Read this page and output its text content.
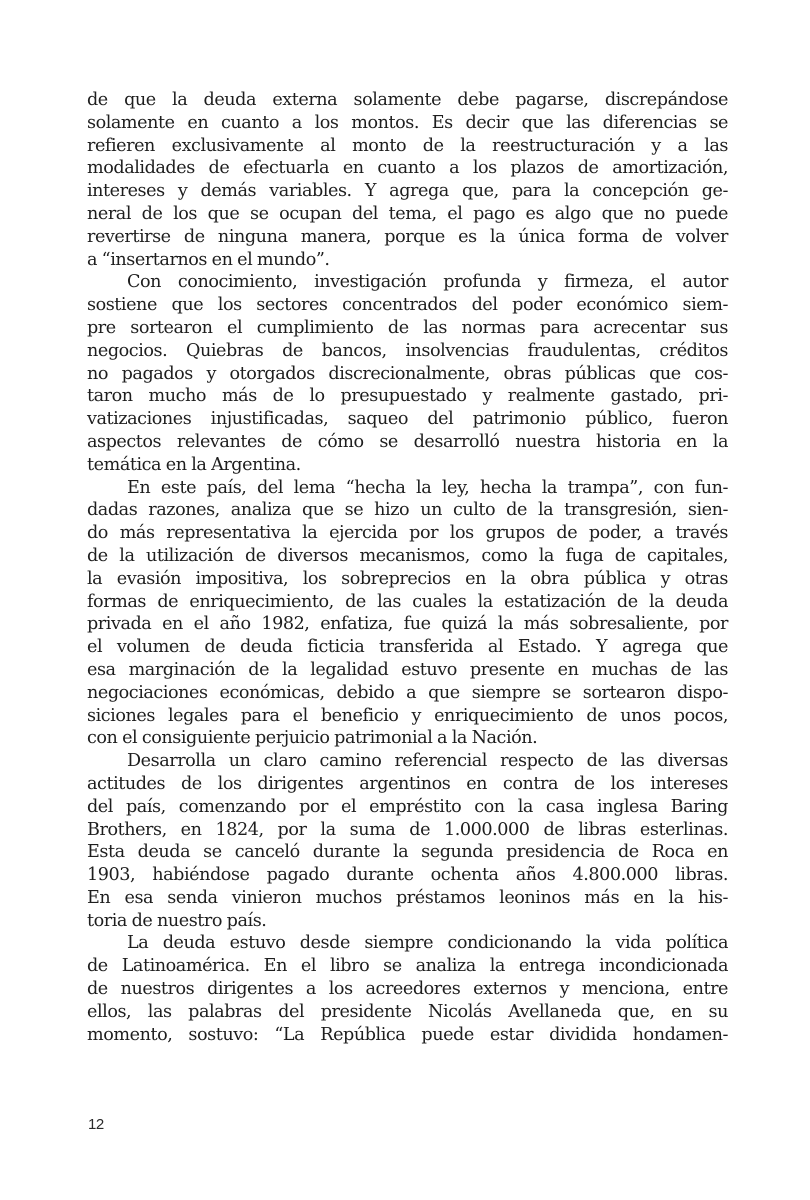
de que la deuda externa solamente debe pagarse, discrepándose
solamente en cuanto a los montos. Es decir que las diferencias se
refieren exclusivamente al monto de la reestructuración y a las
modalidades de efectuarla en cuanto a los plazos de amortización,
intereses y demás variables. Y agrega que, para la concepción ge-
neral de los que se ocupan del tema, el pago es algo que no puede
revertirse de ninguna manera, porque es la única forma de volver
a “insertarnos en el mundo”.
Con conocimiento, investigación profunda y firmeza, el autor
sostiene que los sectores concentrados del poder económico siem-
pre sortearon el cumplimiento de las normas para acrecentar sus
negocios. Quiebras de bancos, insolvencias fraudulentas, créditos
no pagados y otorgados discrecionalmente, obras públicas que cos-
taron mucho más de lo presupuestado y realmente gastado, pri-
vatizaciones injustificadas, saqueo del patrimonio público, fueron
aspectos relevantes de cómo se desarrolló nuestra historia en la
temática en la Argentina.
En este país, del lema “hecha la ley, hecha la trampa”, con fun-
dadas razones, analiza que se hizo un culto de la transgresión, sien-
do más representativa la ejercida por los grupos de poder, a través
de la utilización de diversos mecanismos, como la fuga de capitales,
la evasión impositiva, los sobreprecios en la obra pública y otras
formas de enriquecimiento, de las cuales la estatización de la deuda
privada en el año 1982, enfatiza, fue quizá la más sobresaliente, por
el volumen de deuda ficticia transferida al Estado. Y agrega que
esa marginación de la legalidad estuvo presente en muchas de las
negociaciones económicas, debido a que siempre se sortearon dispo-
siciones legales para el beneficio y enriquecimiento de unos pocos,
con el consiguiente perjuicio patrimonial a la Nación.
Desarrolla un claro camino referencial respecto de las diversas
actitudes de los dirigentes argentinos en contra de los intereses
del país, comenzando por el empréstito con la casa inglesa Baring
Brothers, en 1824, por la suma de 1.000.000 de libras esterlinas.
Esta deuda se canceló durante la segunda presidencia de Roca en
1903, habiéndose pagado durante ochenta años 4.800.000 libras.
En esa senda vinieron muchos préstamos leoninos más en la his-
toria de nuestro país.
La deuda estuvo desde siempre condicionando la vida política
de Latinoamérica. En el libro se analiza la entrega incondicionada
de nuestros dirigentes a los acreedores externos y menciona, entre
ellos, las palabras del presidente Nicolás Avellaneda que, en su
momento, sostuvo: “La República puede estar dividida hondamen-
12
